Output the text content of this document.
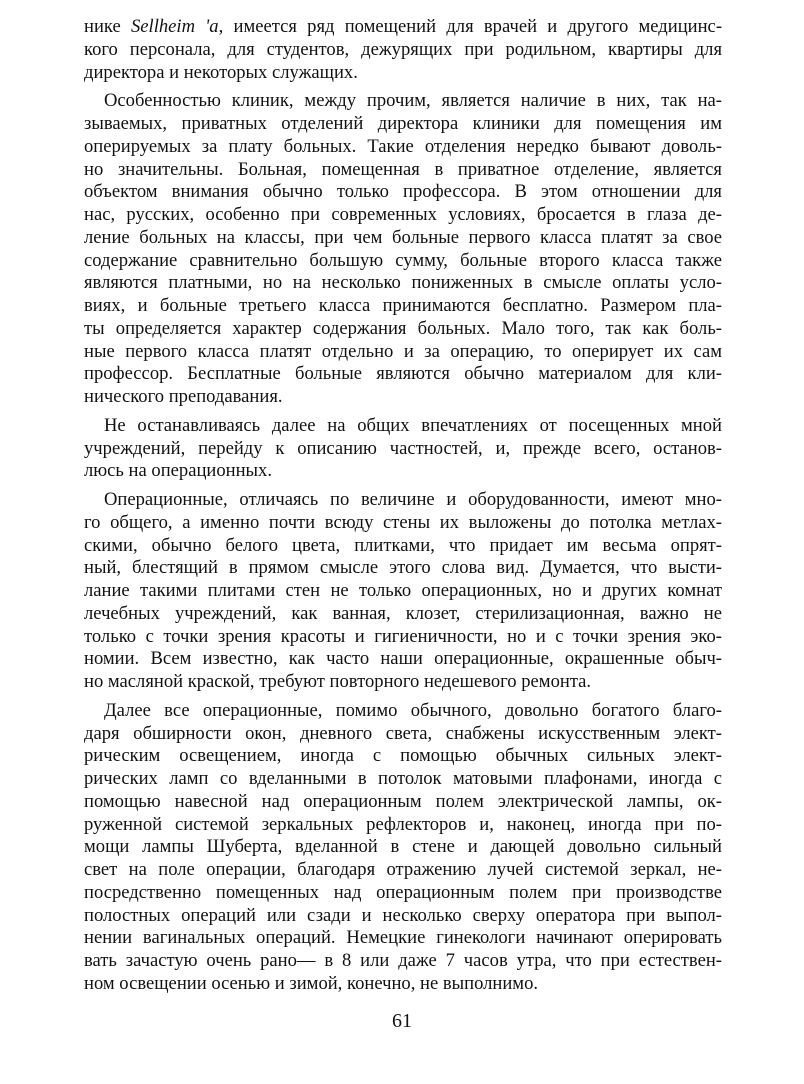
нике Sellheim 'а, имеется ряд помещений для врачей и другого медицинс-
кого персонала, для студентов, дежурящих при родильном, квартиры для
директора и некоторых служащих.
Особенностью клиник, между прочим, является наличие в них, так на-
зываемых, приватных отделений директора клиники для помещения им
оперируемых за плату больных. Такие отделения нередко бывают доволь-
но значительны. Больная, помещенная в приватное отделение, является
объектом внимания обычно только профессора. В этом отношении для
нас, русских, особенно при современных условиях, бросается в глаза де-
ление больных на классы, при чем больные первого класса платят за свое
содержание сравнительно большую сумму, больные второго класса также
являются платными, но на несколько пониженных в смысле оплаты усло-
виях, и больные третьего класса принимаются бесплатно. Размером пла-
ты определяется характер содержания больных. Мало того, так как боль-
ные первого класса платят отдельно и за операцию, то оперирует их сам
профессор. Бесплатные больные являются обычно материалом для кли-
нического преподавания.
Не останавливаясь далее на общих впечатлениях от посещенных мной
учреждений, перейду к описанию частностей, и, прежде всего, останов-
люсь на операционных.
Операционные, отличаясь по величине и оборудованности, имеют мно-
го общего, а именно почти всюду стены их выложены до потолка метлах-
скими, обычно белого цвета, плитками, что придает им весьма опрят-
ный, блестящий в прямом смысле этого слова вид. Думается, что высти-
лание такими плитами стен не только операционных, но и других комнат
лечебных учреждений, как ванная, клозет, стерилизационная, важно не
только с точки зрения красоты и гигиеничности, но и с точки зрения эко-
номии. Всем известно, как часто наши операционные, окрашенные обыч-
но масляной краской, требуют повторного недешевого ремонта.
Далее все операционные, помимо обычного, довольно богатого благо-
даря обширности окон, дневного света, снабжены искусственным элект-
рическим освещением, иногда с помощью обычных сильных элект-
рических ламп со вделанными в потолок матовыми плафонами, иногда с
помощью навесной над операционным полем электрической лампы, ок-
руженной системой зеркальных рефлекторов и, наконец, иногда при по-
мощи лампы Шуберта, вделанной в стене и дающей довольно сильный
свет на поле операции, благодаря отражению лучей системой зеркал, не-
посредственно помещенных над операционным полем при производстве
полостных операций или сзади и несколько сверху оператора при выпол-
нении вагинальных операций. Немецкие гинекологи начинают оперировать
вать зачастую очень рано— в 8 или даже 7 часов утра, что при естествен-
ном освещении осенью и зимой, конечно, не выполнимо.
61
